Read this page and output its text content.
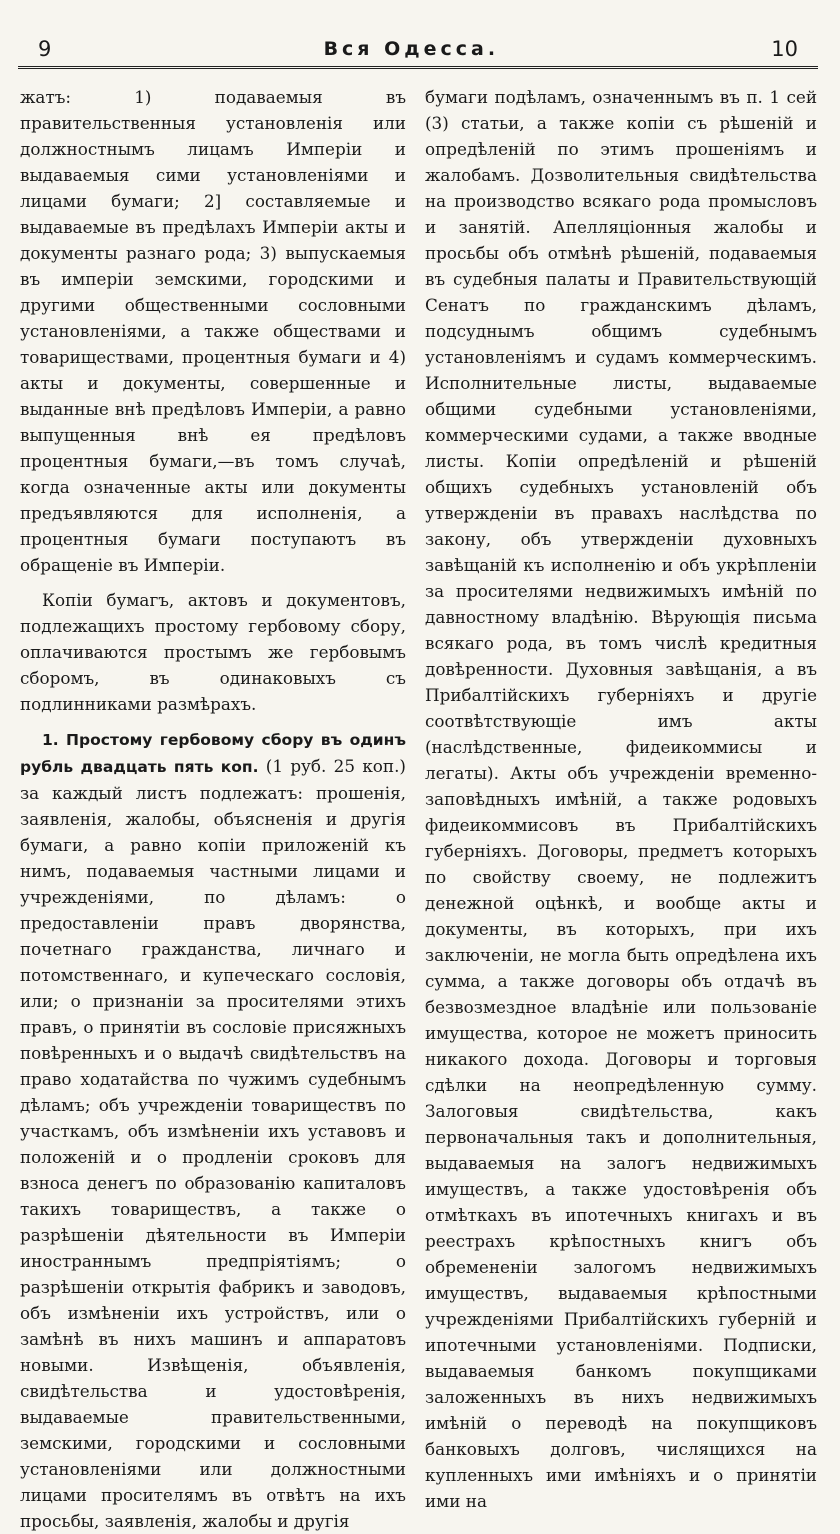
9	Вся Одесса.	10

жатъ: 1) подаваемыя въ правительственныя установленія или должностнымъ лицамъ Имперіи и выдаваемыя сими установленіями и лицами бумаги; 2] составляемые и выдаваемые въ предѣлахъ Имперіи акты и документы разнаго рода; 3) выпускаемыя въ имперіи земскими, городскими и другими общественными сословными установленіями, а также обществами и товариществами, процентныя бумаги и 4) акты и документы, совершенные и выданные внѣ предѣловъ Имперіи, а равно выпущенныя внѣ ея предѣловъ процентныя бумаги,—въ томъ случаѣ, когда означенные акты или документы предъявляются для исполненія, а процентныя бумаги поступаютъ въ обращеніе въ Имперіи.

Копіи бумагъ, актовъ и документовъ, подлежащихъ простому гербовому сбору, оплачиваются простымъ же гербовымъ сборомъ, въ одинаковыхъ съ подлинниками размѣрахъ.

1. Простому гербовому сбору въ одинъ рубль двадцать пять коп. (1 руб. 25 коп.) за каждый листъ подлежатъ: прошенія, заявленія, жалобы, объясненія и другія бумаги, а равно копіи приложеній къ нимъ, подаваемыя частными лицами и учрежденіями, по дѣламъ: о предоставленіи правъ дворянства, почетнаго гражданства, личнаго и потомственнаго, и купеческаго сословія, или; о признаніи за просителями этихъ правъ, о принятіи въ сословіе присяжныхъ повѣренныхъ и о выдачѣ свидѣтельствъ на право ходатайства по чужимъ судебнымъ дѣламъ; объ учрежденіи товариществъ по участкамъ, объ измѣненіи ихъ уставовъ и положеній и о продленіи сроковъ для взноса денегъ по образованію капиталовъ такихъ товариществъ, а также о разрѣшеніи дѣятельности въ Имперіи иностраннымъ предпріятіямъ; о разрѣшеніи открытія фабрикъ и заводовъ, объ измѣненіи ихъ устройствъ, или о замѣнѣ въ нихъ машинъ и аппаратовъ новыми. Извѣщенія, объявленія, свидѣтельства и удостовѣренія, выдаваемые правительственными, земскими, городскими и сословными установленіями или должностными лицами просителямъ въ отвѣтъ на ихъ просьбы, заявленія, жалобы и другія

бумаги подѣламъ, означеннымъ въ п. 1 сей (3) статьи, а также копіи съ рѣшеній и опредѣленій по этимъ прошеніямъ и жалобамъ. Дозволительныя свидѣтельства на производство всякаго рода промысловъ и занятій. Апелляціонныя жалобы и просьбы объ отмѣнѣ рѣшеній, подаваемыя въ судебныя палаты и Правительствующій Сенатъ по гражданскимъ дѣламъ, подсуднымъ общимъ судебнымъ установленіямъ и судамъ коммерческимъ. Исполнительные листы, выдаваемые общими судебными установленіями, коммерческими судами, а также вводные листы. Копіи опредѣленій и рѣшеній общихъ судебныхъ установленій объ утвержденіи въ правахъ наслѣдства по закону, объ утвержденіи духовныхъ завѣщаній къ исполненію и объ укрѣпленіи за просителями недвижимыхъ имѣній по давностному владѣнію. Вѣрующія письма всякаго рода, въ томъ числѣ кредитныя довѣренности. Духовныя завѣщанія, а въ Прибалтійскихъ губерніяхъ и другіе соотвѣтствующіе имъ акты (наслѣдственные, фидеикоммисы и легаты). Акты объ учрежденіи временно-заповѣдныхъ имѣній, а также родовыхъ фидеикоммисовъ въ Прибалтійскихъ губерніяхъ. Договоры, предметъ которыхъ по свойству своему, не подлежитъ денежной оцѣнкѣ, и вообще акты и документы, въ которыхъ, при ихъ заключеніи, не могла быть опредѣлена ихъ сумма, а также договоры объ отдачѣ въ безвозмездное владѣніе или пользованіе имущества, которое не можетъ приносить никакого дохода. Договоры и торговыя сдѣлки на неопредѣленную сумму. Залоговыя свидѣтельства, какъ первоначальныя такъ и дополнительныя, выдаваемыя на залогъ недвижимыхъ имуществъ, а также удостовѣренія объ отмѣткахъ въ ипотечныхъ книгахъ и въ реестрахъ крѣпостныхъ книгъ объ обремененіи залогомъ недвижимыхъ имуществъ, выдаваемыя крѣпостными учрежденіями Прибалтійскихъ губерній и ипотечными установленіями. Подписки, выдаваемыя банкомъ покупщиками заложенныхъ въ нихъ недвижимыхъ имѣній о переводѣ на покупщиковъ банковыхъ долговъ, числящихся на купленныхъ ими имѣніяхъ и о принятіи ими на
